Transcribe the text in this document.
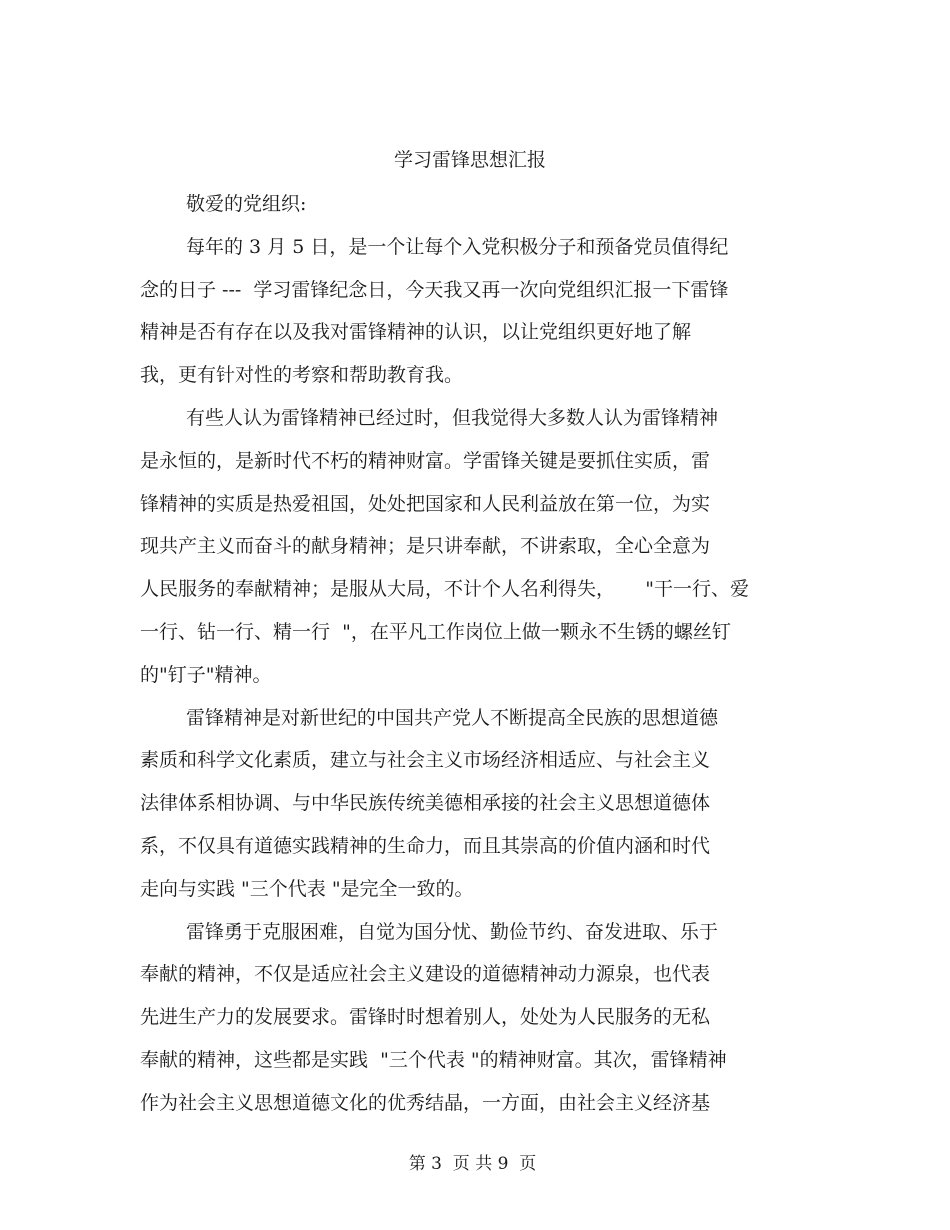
学习雷锋思想汇报
敬爱的党组织:
每年的 3 月 5 日，是一个让每个入党积极分子和预备党员值得纪
念的日子 ---  学习雷锋纪念日，今天我又再一次向党组织汇报一下雷锋
精神是否有存在以及我对雷锋精神的认识，以让党组织更好地了解
我，更有针对性的考察和帮助教育我。
有些人认为雷锋精神已经过时，但我觉得大多数人认为雷锋精神
是永恒的，是新时代不朽的精神财富。学雷锋关键是要抓住实质，雷
锋精神的实质是热爱祖国，处处把国家和人民利益放在第一位，为实
现共产主义而奋斗的献身精神；是只讲奉献，不讲索取，全心全意为
人民服务的奉献精神；是服从大局，不计个人名利得失，     "干一行、爱
一行、钻一行、精一行  "，在平凡工作岗位上做一颗永不生锈的螺丝钉
的"钉子"精神。
雷锋精神是对新世纪的中国共产党人不断提高全民族的思想道德
素质和科学文化素质，建立与社会主义市场经济相适应、与社会主义
法律体系相协调、与中华民族传统美德相承接的社会主义思想道德体
系，不仅具有道德实践精神的生命力，而且其崇高的价值内涵和时代
走向与实践 "三个代表 "是完全一致的。
雷锋勇于克服困难，自觉为国分忧、勤俭节约、奋发进取、乐于
奉献的精神，不仅是适应社会主义建设的道德精神动力源泉，也代表
先进生产力的发展要求。雷锋时时想着别人，处处为人民服务的无私
奉献的精神，这些都是实践  "三个代表 "的精神财富。其次，雷锋精神
作为社会主义思想道德文化的优秀结晶，一方面，由社会主义经济基
第 3  页 共 9  页
